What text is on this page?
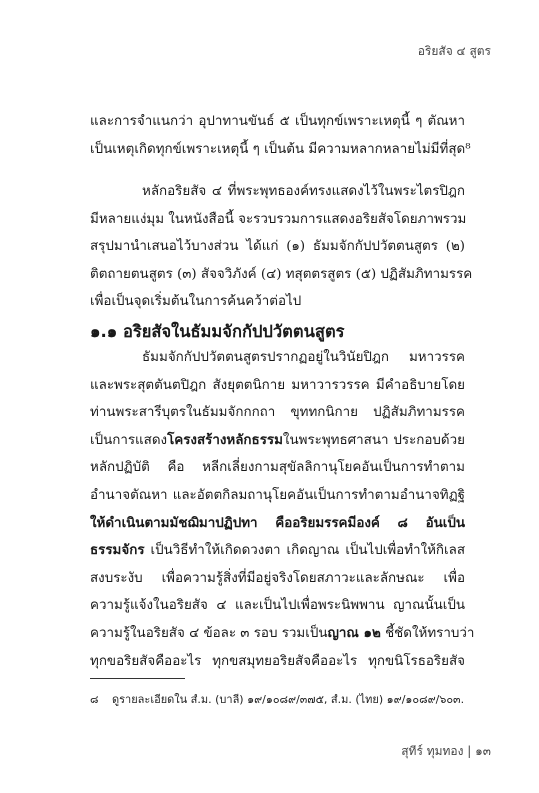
อริยสัจ ๔ สูตร
และการจำแนกว่า อุปาทานขันธ์ ๕ เป็นทุกข์เพราะเหตุนี้ ๆ ตัณหา
เป็นเหตุเกิดทุกข์เพราะเหตุนี้ ๆ เป็นต้น มีความหลากหลายไม่มีที่สุด⁸
หลักอริยสัจ ๔ ที่พระพุทธองค์ทรงแสดงไว้ในพระไตรปิฎก
มีหลายแง่มุม ในหนังสือนี้ จะรวบรวมการแสดงอริยสัจโดยภาพรวม
สรุปมานำเสนอไว้บางส่วน ได้แก่ (๑) ธัมมจักกัปปวัตตนสูตร (๒)
ติตถายตนสูตร (๓) สัจจวิภังค์ (๔) ทสุตตรสูตร (๕) ปฏิสัมภิทามรรค
เพื่อเป็นจุดเริ่มต้นในการค้นคว้าต่อไป
๑.๑ อริยสัจในธัมมจักกัปปวัตตนสูตร
ธัมมจักกัปปวัตตนสูตรปรากฏอยู่ในวินัยปิฎก มหาวรรค
และพระสุตตันตปิฎก สังยุตตนิกาย มหาวารวรรค มีคำอธิบายโดย
ท่านพระสารีบุตรในธัมมจักกกถา ขุททกนิกาย ปฏิสัมภิทามรรค
เป็นการแสดงโครงสร้างหลักธรรมในพระพุทธศาสนา ประกอบด้วย
หลักปฏิบัติ คือ หลีกเลี่ยงกามสุขัลลิกานุโยคอันเป็นการทำตาม
อำนาจตัณหา และอัตตกิลมถานุโยคอันเป็นการทำตามอำนาจทิฏฐิ
ให้ดำเนินตามมัชฌิมาปฏิปทา คืออริยมรรคมีองค์ ๘ อันเป็น
ธรรมจักร เป็นวิธีทำให้เกิดดวงตา เกิดญาณ เป็นไปเพื่อทำให้กิเลส
สงบระงับ เพื่อความรู้สิ่งที่มีอยู่จริงโดยสภาวะและลักษณะ เพื่อ
ความรู้แจ้งในอริยสัจ ๔ และเป็นไปเพื่อพระนิพพาน ญาณนั้นเป็น
ความรู้ในอริยสัจ ๔ ข้อละ ๓ รอบ รวมเป็นญาณ ๑๒ ชี้ชัดให้ทราบว่า
ทุกขอริยสัจคืออะไร ทุกขสมุทยอริยสัจคืออะไร ทุกขนิโรธอริยสัจ
๘ ดูรายละเอียดใน สํ.ม. (บาลี) ๑๙/๑๐๘๙/๓๗๕, สํ.ม. (ไทย) ๑๙/๑๐๘๙/๖๐๓.
สุทีร์ ทุมทอง | ๑๓
